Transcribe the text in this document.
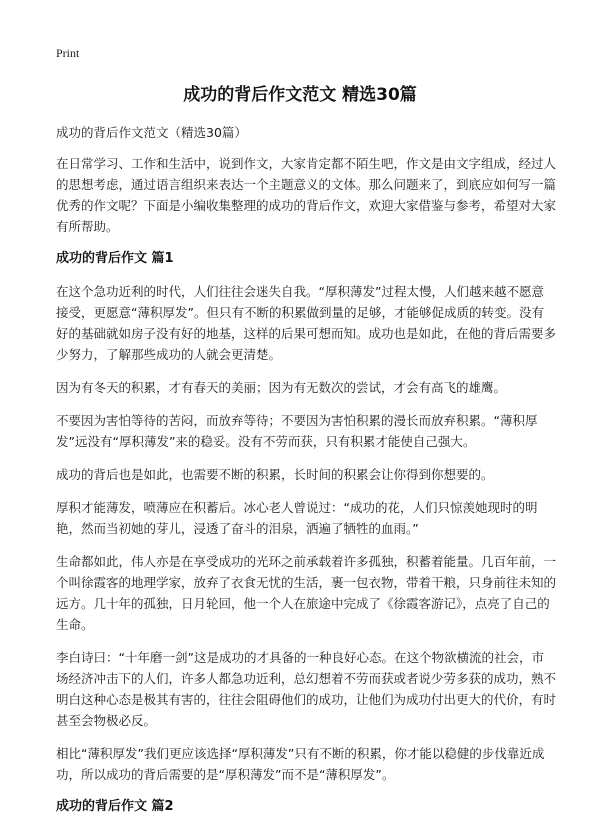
Print
成功的背后作文范文 精选30篇

成功的背后作文范文（精选30篇）

在日常学习、工作和生活中，说到作文，大家肯定都不陌生吧，作文是由文字组成，经过人的思想考虑，通过语言组织来表达一个主题意义的文体。那么问题来了，到底应如何写一篇优秀的作文呢？下面是小编收集整理的成功的背后作文，欢迎大家借鉴与参考，希望对大家有所帮助。

成功的背后作文 篇1

在这个急功近利的时代，人们往往会迷失自我。“厚积薄发”过程太慢，人们越来越不愿意接受，更愿意“薄积厚发”。但只有不断的积累做到量的足够，才能够促成质的转变。没有好的基础就如房子没有好的地基，这样的后果可想而知。成功也是如此，在他的背后需要多少努力，了解那些成功的人就会更清楚。

因为有冬天的积累，才有春天的美丽；因为有无数次的尝试，才会有高飞的雄鹰。

不要因为害怕等待的苦闷，而放弃等待；不要因为害怕积累的漫长而放弃积累。“薄积厚发”远没有“厚积薄发”来的稳妥。没有不劳而获，只有积累才能使自己强大。

成功的背后也是如此，也需要不断的积累，长时间的积累会让你得到你想要的。

厚积才能薄发，喷薄应在积蓄后。冰心老人曾说过：“成功的花，人们只惊羡她现时的明艳，然而当初她的芽儿，浸透了奋斗的泪泉，洒遍了牺牲的血雨。”

生命都如此，伟人亦是在享受成功的光环之前承载着许多孤独，积蓄着能量。几百年前，一个叫徐霞客的地理学家，放弃了衣食无忧的生活，裹一包衣物，带着干粮，只身前往未知的远方。几十年的孤独，日月轮回，他一个人在旅途中完成了《徐霞客游记》，点亮了自己的生命。

李白诗曰：“十年磨一剑”这是成功的才具备的一种良好心态。在这个物欲横流的社会，市场经济冲击下的人们，许多人都急功近利，总幻想着不劳而获或者说少劳多获的成功，熟不明白这种心态是极其有害的，往往会阻碍他们的成功，让他们为成功付出更大的代价，有时甚至会物极必反。

相比“薄积厚发”我们更应该选择“厚积薄发”只有不断的积累，你才能以稳健的步伐靠近成功，所以成功的背后需要的是“厚积薄发”而不是“薄积厚发”。

成功的背后作文 篇2
